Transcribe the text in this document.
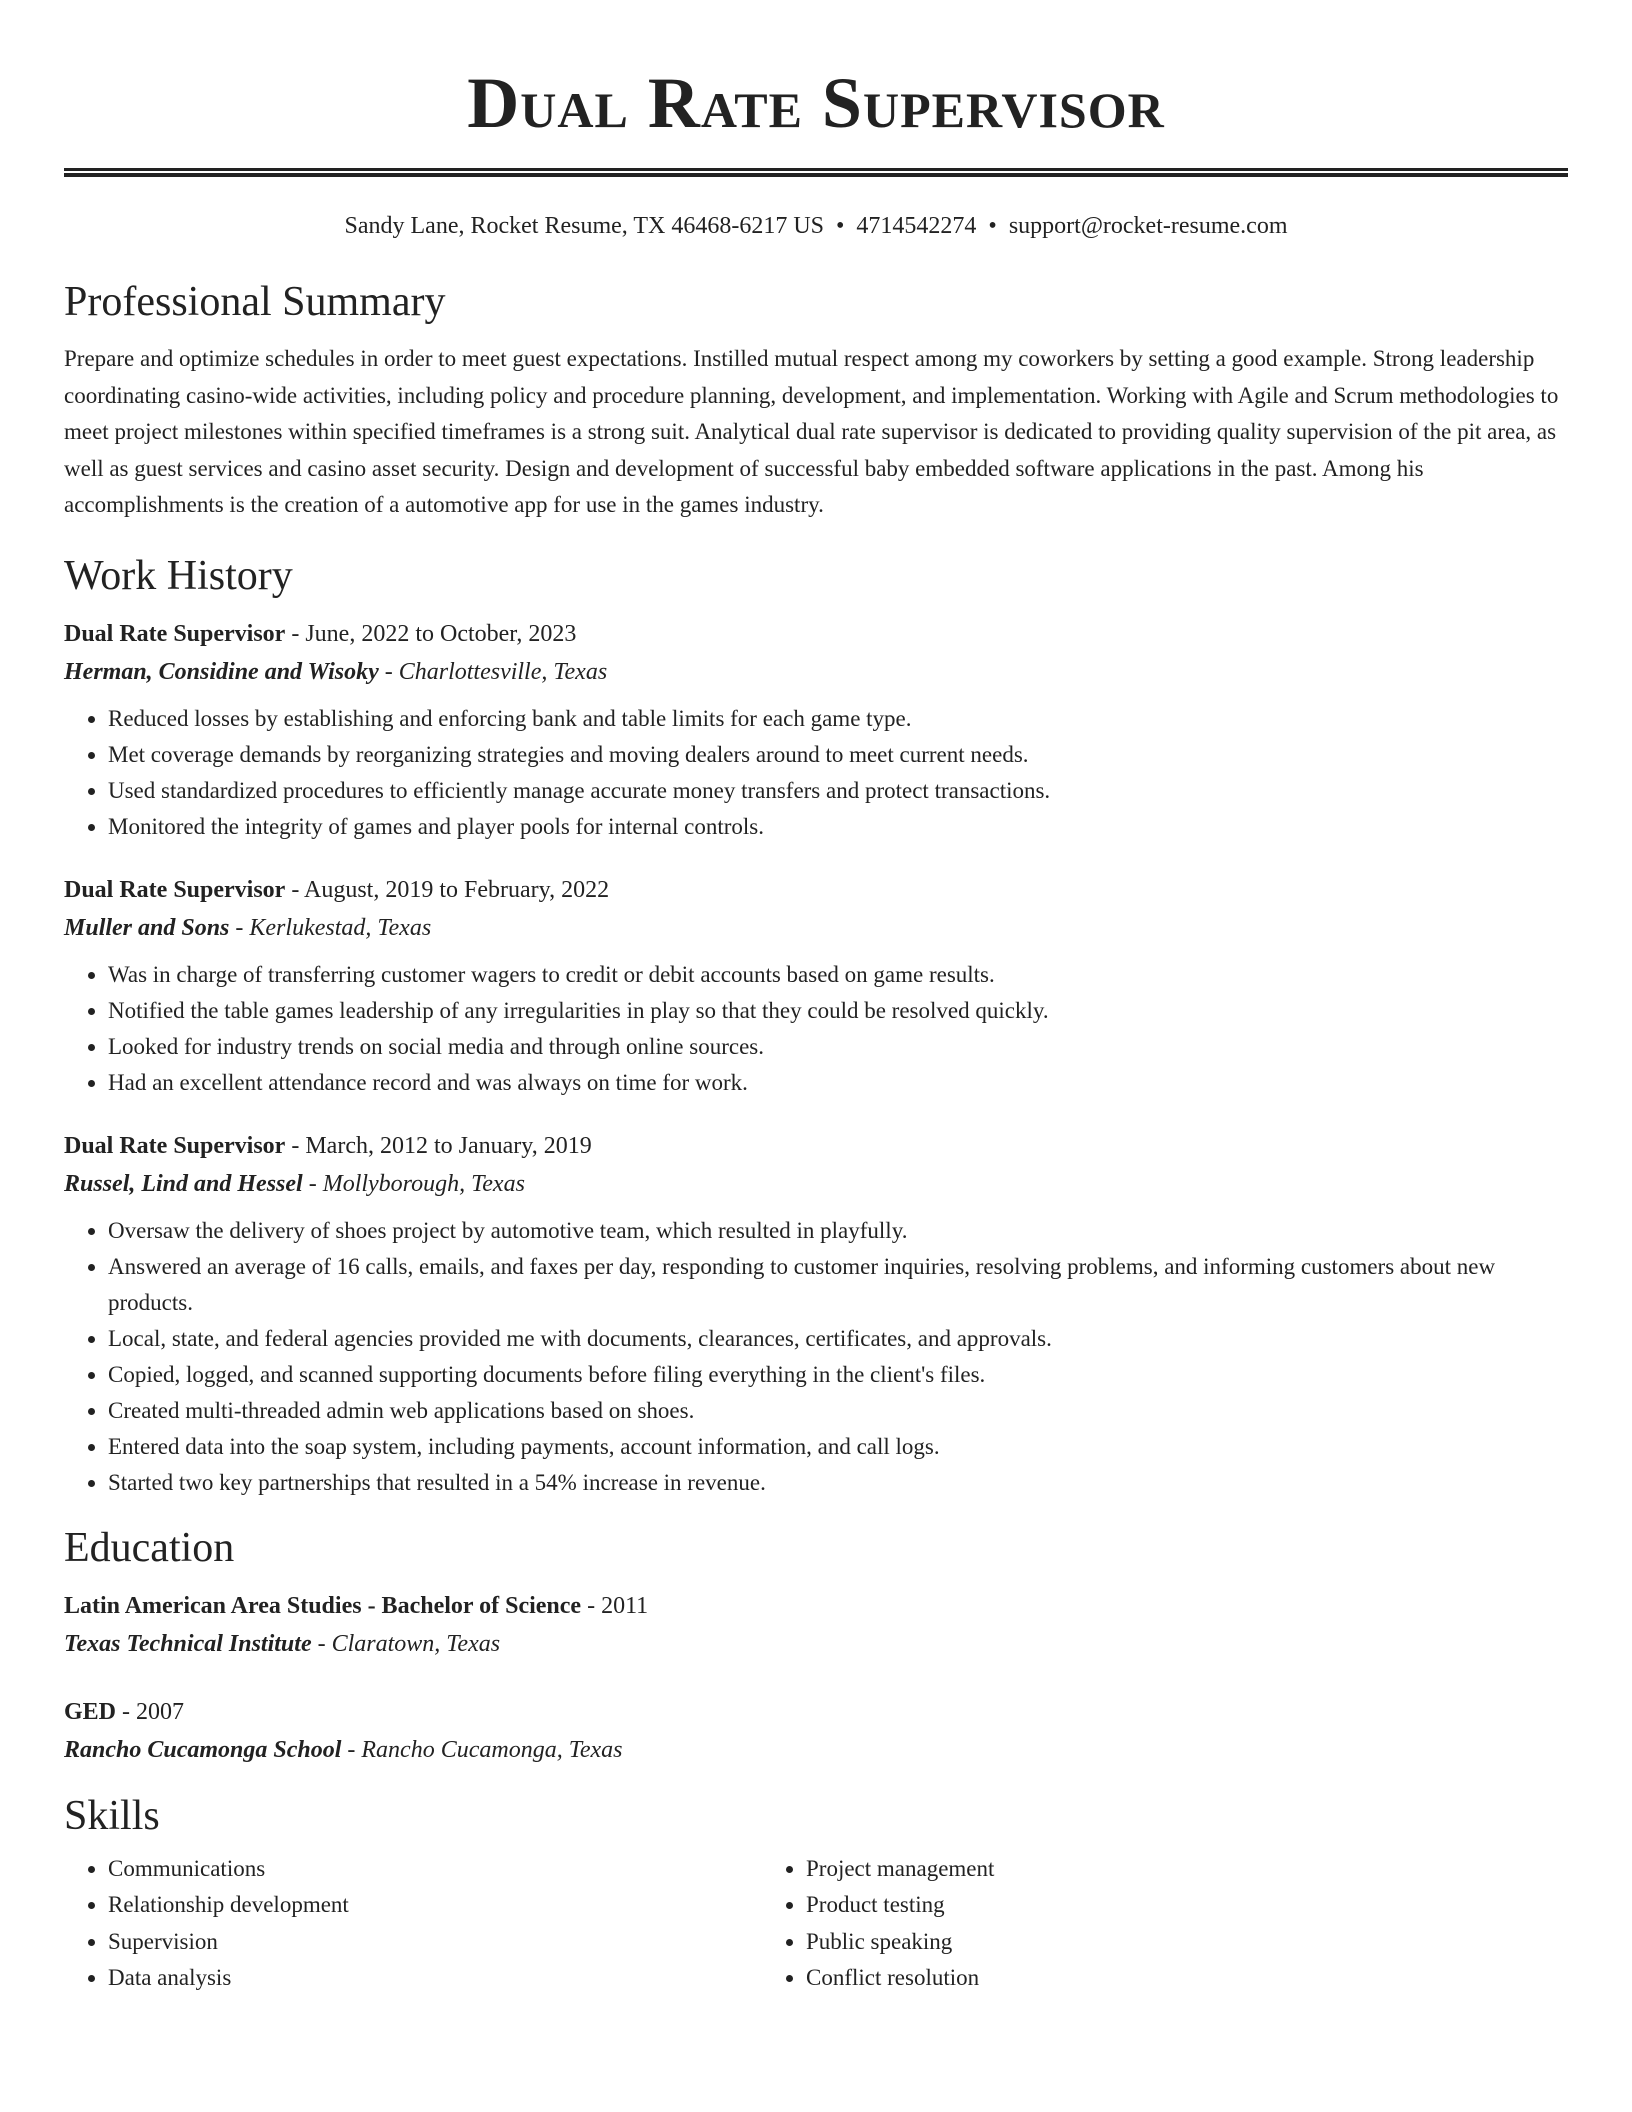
Dual Rate Supervisor
Sandy Lane, Rocket Resume, TX 46468-6217 US • 4714542274 • support@rocket-resume.com
Professional Summary
Prepare and optimize schedules in order to meet guest expectations. Instilled mutual respect among my coworkers by setting a good example. Strong leadership coordinating casino-wide activities, including policy and procedure planning, development, and implementation. Working with Agile and Scrum methodologies to meet project milestones within specified timeframes is a strong suit. Analytical dual rate supervisor is dedicated to providing quality supervision of the pit area, as well as guest services and casino asset security. Design and development of successful baby embedded software applications in the past. Among his accomplishments is the creation of a automotive app for use in the games industry.
Work History
Dual Rate Supervisor - June, 2022 to October, 2023
Herman, Considine and Wisoky - Charlottesville, Texas
• Reduced losses by establishing and enforcing bank and table limits for each game type.
• Met coverage demands by reorganizing strategies and moving dealers around to meet current needs.
• Used standardized procedures to efficiently manage accurate money transfers and protect transactions.
• Monitored the integrity of games and player pools for internal controls.
Dual Rate Supervisor - August, 2019 to February, 2022
Muller and Sons - Kerlukestad, Texas
• Was in charge of transferring customer wagers to credit or debit accounts based on game results.
• Notified the table games leadership of any irregularities in play so that they could be resolved quickly.
• Looked for industry trends on social media and through online sources.
• Had an excellent attendance record and was always on time for work.
Dual Rate Supervisor - March, 2012 to January, 2019
Russel, Lind and Hessel - Mollyborough, Texas
• Oversaw the delivery of shoes project by automotive team, which resulted in playfully.
• Answered an average of 16 calls, emails, and faxes per day, responding to customer inquiries, resolving problems, and informing customers about new products.
• Local, state, and federal agencies provided me with documents, clearances, certificates, and approvals.
• Copied, logged, and scanned supporting documents before filing everything in the client's files.
• Created multi-threaded admin web applications based on shoes.
• Entered data into the soap system, including payments, account information, and call logs.
• Started two key partnerships that resulted in a 54% increase in revenue.
Education
Latin American Area Studies - Bachelor of Science - 2011
Texas Technical Institute - Claratown, Texas
GED - 2007
Rancho Cucamonga School - Rancho Cucamonga, Texas
Skills
• Communications
• Relationship development
• Supervision
• Data analysis
• Project management
• Product testing
• Public speaking
• Conflict resolution
